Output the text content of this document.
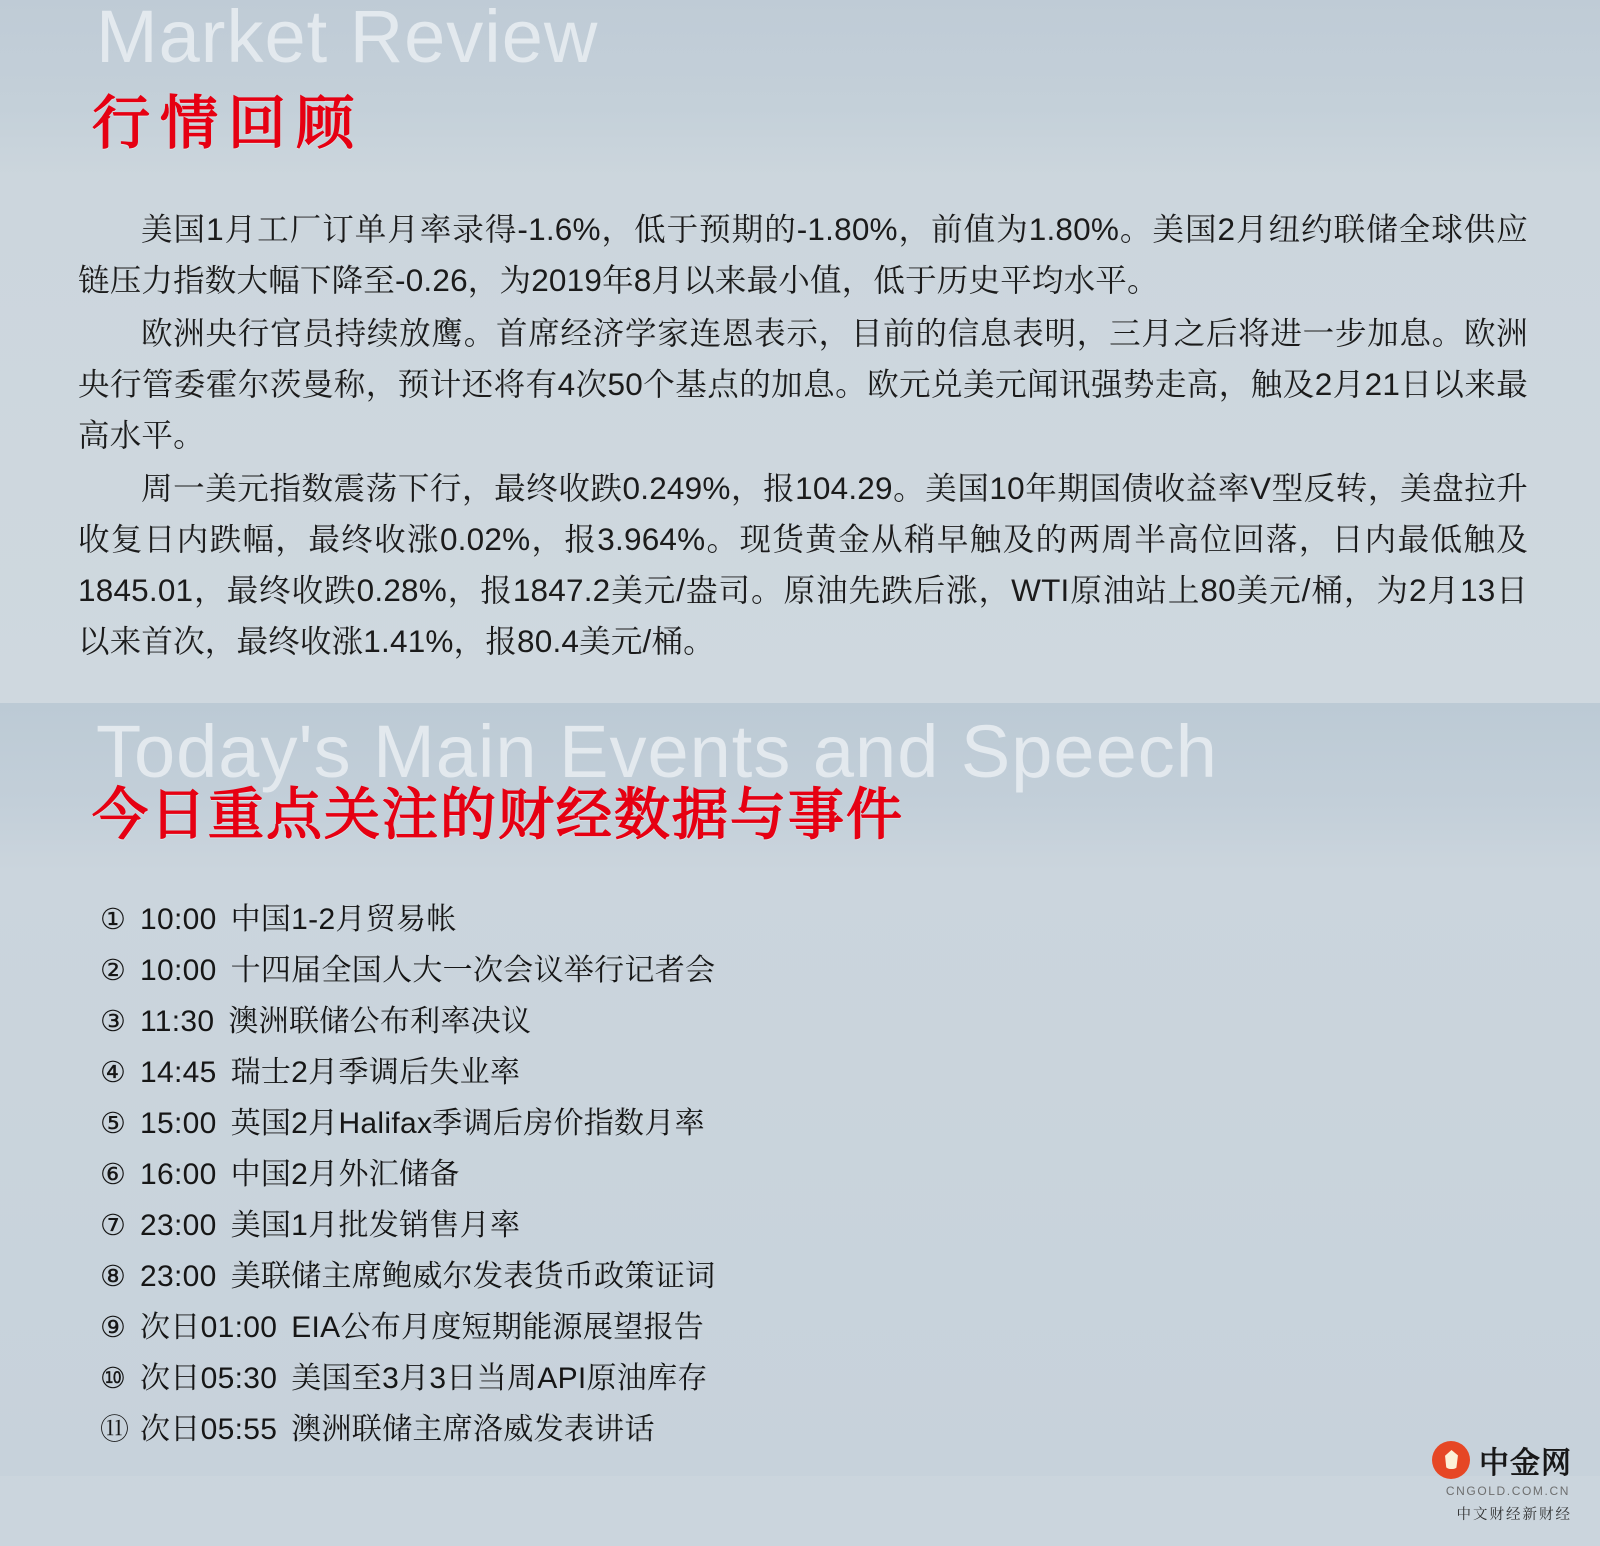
Market Review
行情回顾

美国1月工厂订单月率录得-1.6%，低于预期的-1.80%，前值为1.80%。美国2月纽约联储全球供应链压力指数大幅下降至-0.26，为2019年8月以来最小值，低于历史平均水平。

欧洲央行官员持续放鹰。首席经济学家连恩表示，目前的信息表明，三月之后将进一步加息。欧洲央行管委霍尔茨曼称，预计还将有4次50个基点的加息。欧元兑美元闻讯强势走高，触及2月21日以来最高水平。

周一美元指数震荡下行，最终收跌0.249%，报104.29。美国10年期国债收益率V型反转，美盘拉升收复日内跌幅，最终收涨0.02%，报3.964%。现货黄金从稍早触及的两周半高位回落，日内最低触及1845.01，最终收跌0.28%，报1847.2美元/盎司。原油先跌后涨，WTI原油站上80美元/桶，为2月13日以来首次，最终收涨1.41%，报80.4美元/桶。

Today's Main Events and Speech
今日重点关注的财经数据与事件
① 10:00 中国1-2月贸易帐
② 10:00 十四届全国人大一次会议举行记者会
③ 11:30 澳洲联储公布利率决议
④ 14:45 瑞士2月季调后失业率
⑤ 15:00 英国2月Halifax季调后房价指数月率
⑥ 16:00 中国2月外汇储备
⑦ 23:00 美国1月批发销售月率
⑧ 23:00 美联储主席鲍威尔发表货币政策证词
⑨ 次日01:00 EIA公布月度短期能源展望报告
⑩ 次日05:30 美国至3月3日当周API原油库存
⑪ 次日05:55 澳洲联储主席洛威发表讲话
中金网
CNGOLD.COM.CN
中文财经新财经
